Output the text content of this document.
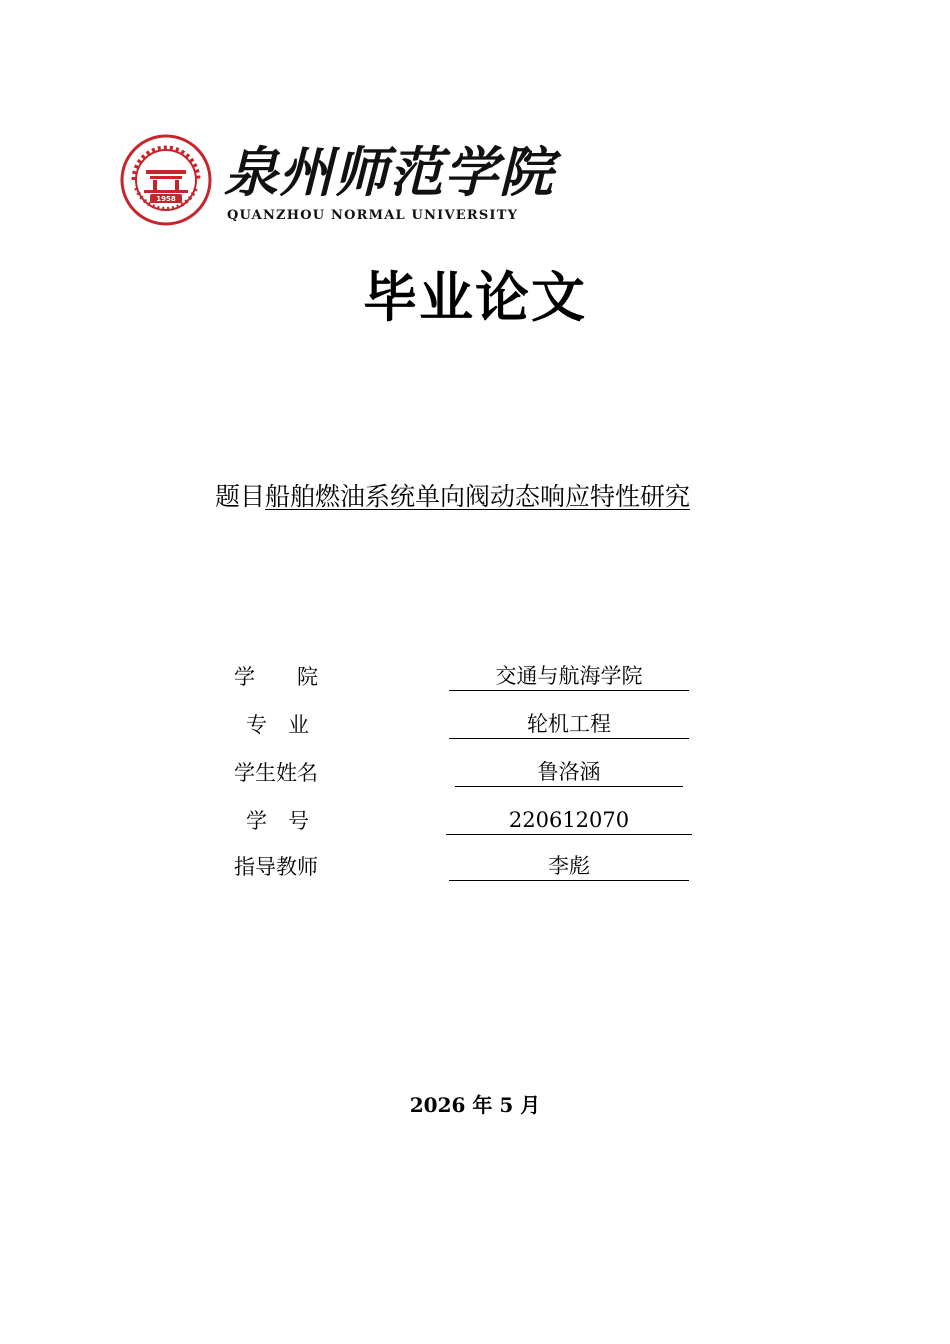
1958 泉州师范学院
QUANZHOU NORMAL UNIVERSITY
毕业论文
题目船舶燃油系统单向阀动态响应特性研究
学　　院	交通与航海学院
专　业	轮机工程
学生姓名	鲁洛涵
学　号	220612070
指导教师	李彪
2026 年 5 月
